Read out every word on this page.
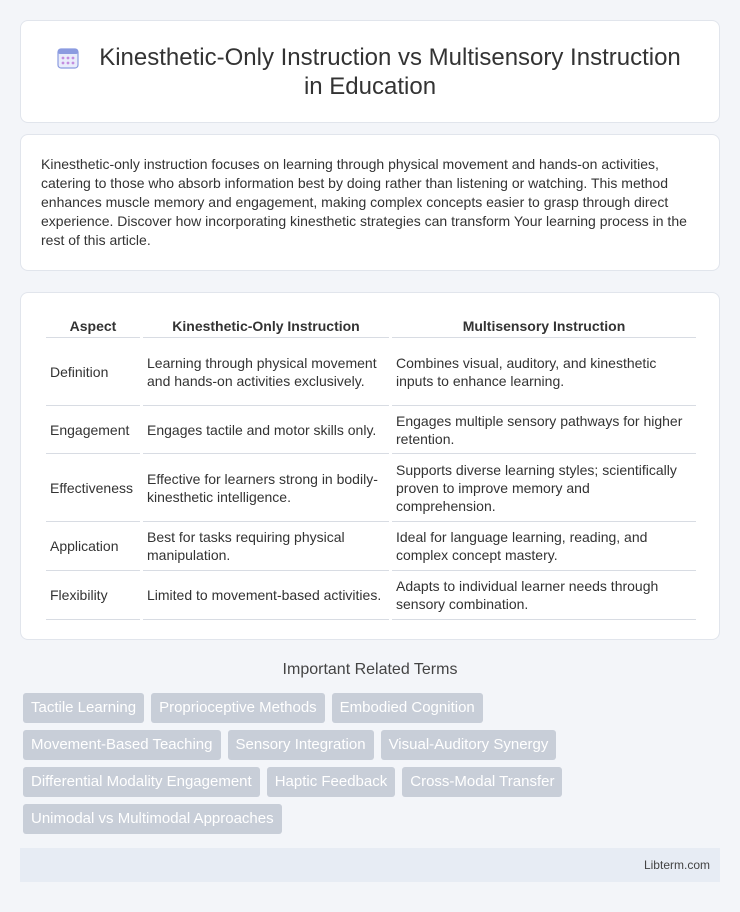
Kinesthetic-Only Instruction vs Multisensory Instruction
in Education

Kinesthetic-only instruction focuses on learning through physical movement and hands-on activities, catering to those who absorb information best by doing rather than listening or watching. This method enhances muscle memory and engagement, making complex concepts easier to grasp through direct experience. Discover how incorporating kinesthetic strategies can transform Your learning process in the rest of this article.

Aspect	Kinesthetic-Only Instruction	Multisensory Instruction
Definition	Learning through physical movement and hands-on activities exclusively.	Combines visual, auditory, and kinesthetic inputs to enhance learning.
Engagement	Engages tactile and motor skills only.	Engages multiple sensory pathways for higher retention.
Effectiveness	Effective for learners strong in bodily-kinesthetic intelligence.	Supports diverse learning styles; scientifically proven to improve memory and comprehension.
Application	Best for tasks requiring physical manipulation.	Ideal for language learning, reading, and complex concept mastery.
Flexibility	Limited to movement-based activities.	Adapts to individual learner needs through sensory combination.
Important Related Terms
Tactile Learning	Proprioceptive Methods	Embodied Cognition
Movement-Based Teaching	Sensory Integration	Visual-Auditory Synergy
Differential Modality Engagement	Haptic Feedback	Cross-Modal Transfer
Unimodal vs Multimodal Approaches
Libterm.com
